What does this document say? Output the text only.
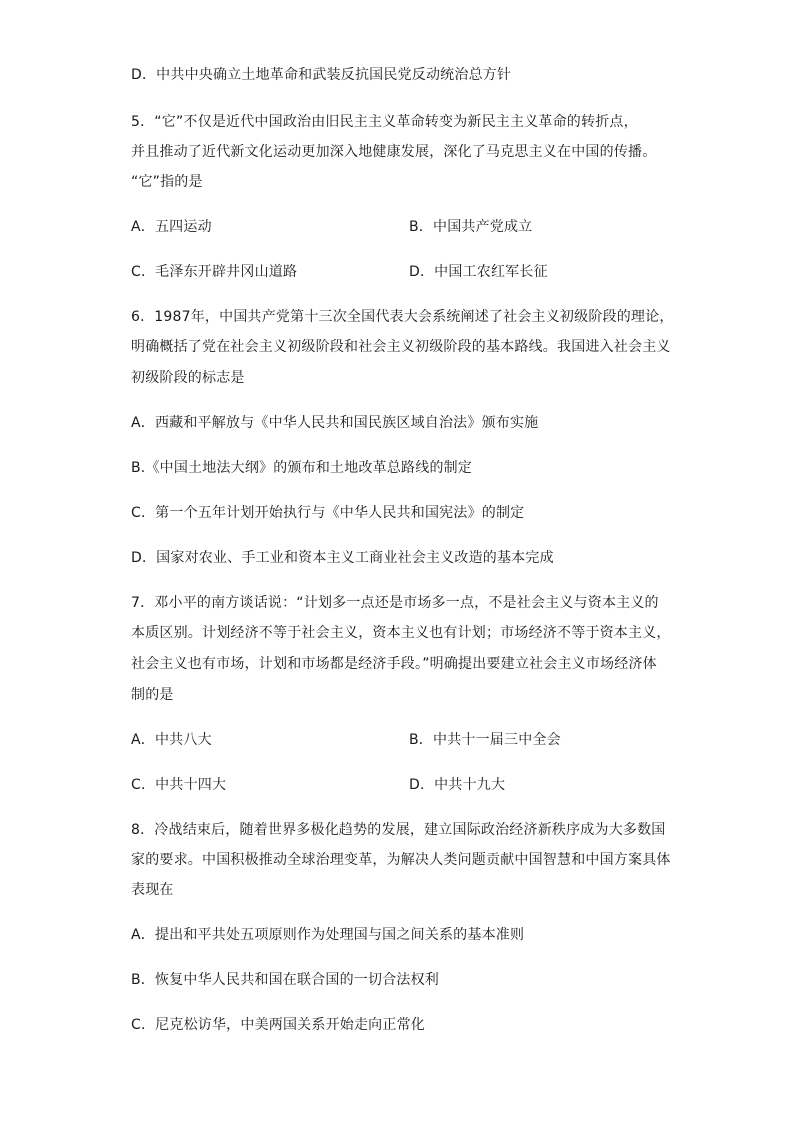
D．中共中央确立土地革命和武装反抗国民党反动统治总方针
5．“它”不仅是近代中国政治由旧民主主义革命转变为新民主主义革命的转折点，
并且推动了近代新文化运动更加深入地健康发展，深化了马克思主义在中国的传播。
“它”指的是
A．五四运动	B．中国共产党成立
C．毛泽东开辟井冈山道路	D．中国工农红军长征
6．1987年，中国共产党第十三次全国代表大会系统阐述了社会主义初级阶段的理论，
明确概括了党在社会主义初级阶段和社会主义初级阶段的基本路线。我国进入社会主义
初级阶段的标志是
A．西藏和平解放与《中华人民共和国民族区域自治法》颁布实施
B.《中国土地法大纲》的颁布和土地改革总路线的制定
C．第一个五年计划开始执行与《中华人民共和国宪法》的制定
D．国家对农业、手工业和资本主义工商业社会主义改造的基本完成
7．邓小平的南方谈话说：“计划多一点还是市场多一点，不是社会主义与资本主义的
本质区别。计划经济不等于社会主义，资本主义也有计划；市场经济不等于资本主义，
社会主义也有市场，计划和市场都是经济手段。”明确提出要建立社会主义市场经济体
制的是
A．中共八大	B．中共十一届三中全会
C．中共十四大	D．中共十九大
8．冷战结束后，随着世界多极化趋势的发展，建立国际政治经济新秩序成为大多数国
家的要求。中国积极推动全球治理变革，为解决人类问题贡献中国智慧和中国方案具体
表现在
A．提出和平共处五项原则作为处理国与国之间关系的基本准则
B．恢复中华人民共和国在联合国的一切合法权利
C．尼克松访华，中美两国关系开始走向正常化
